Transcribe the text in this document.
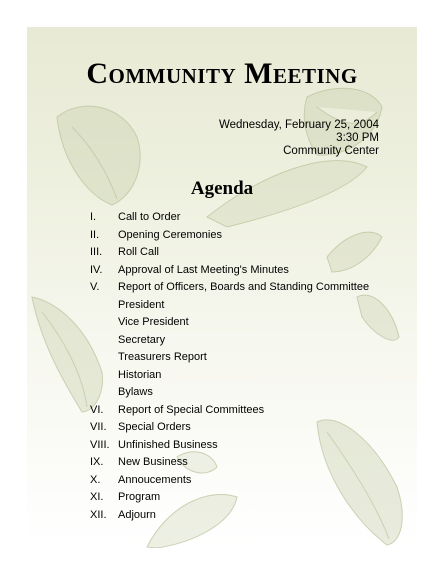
Community Meeting
Wednesday, February 25, 2004
3:30 PM
Community Center
Agenda
I. Call to Order
II. Opening Ceremonies
III. Roll Call
IV. Approval of Last Meeting's Minutes
V. Report of Officers, Boards and Standing Committee
President
Vice President
Secretary
Treasurers Report
Historian
Bylaws
VI. Report of Special Committees
VII. Special Orders
VIII. Unfinished Business
IX. New Business
X. Annoucements
XI. Program
XII. Adjourn
